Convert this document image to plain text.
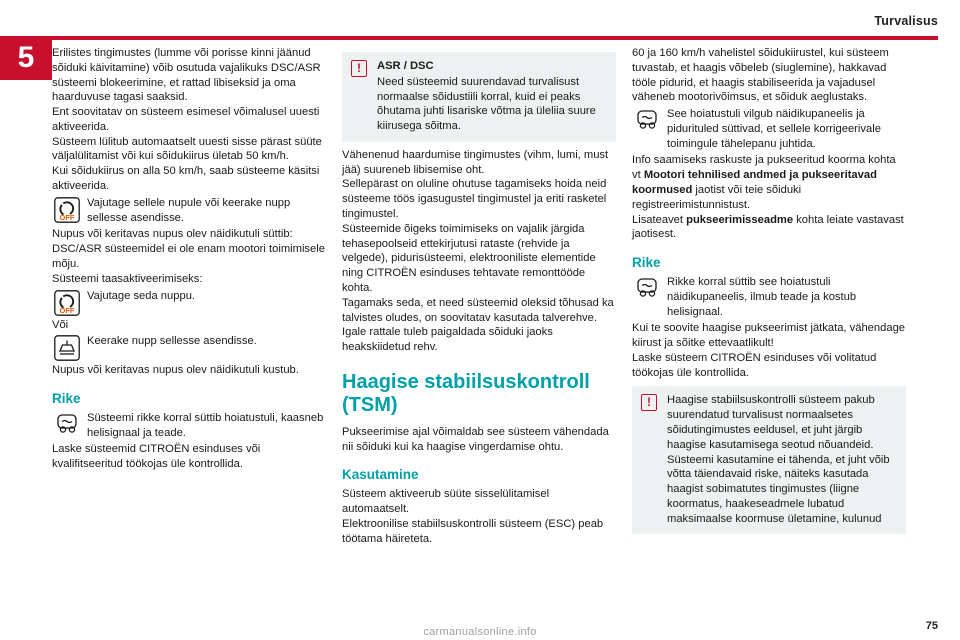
Turvalisus
5	Erilistes tingimustes (lumme või porisse kinni jäänud sõiduki käivitamine) võib osutuda vajalikuks DSC/ASR süsteemi blokeerimine, et rattad libiseksid ja oma haarduvuse tagasi saaksid.

Ent soovitatav on süsteem esimesel võimalusel uuesti aktiveerida.

Süsteem lülitub automaatselt uuesti sisse pärast süüte väljalülitamist või kui sõidukiirus ületab 50 km/h.

Kui sõidukiirus on alla 50 km/h, saab süsteeme käsitsi aktiveerida.

OFF
Vajutage sellele nupule või keerake nupp sellesse asendisse.

Nupus või keritavas nupus olev näidikutuli süttib: DSC/ASR süsteemidel ei ole enam mootori toimimisele mõju.

Süsteemi taasaktiveerimiseks:

OFF
Vajutage seda nuppu.

Või

Keerake nupp sellesse asendisse.

Nupus või keritavas nupus olev näidikutuli kustub.

Rike
Süsteemi rikke korral süttib hoiatustuli, kaasneb helisignaal ja teade.

Laske süsteemid CITROËN esinduses või kvalifitseeritud töökojas üle kontrollida.

!	ASR / DSC
Need süsteemid suurendavad turvalisust normaalse sõidustiili korral, kuid ei peaks õhutama juhti lisariske võtma ja üleliia suure kiirusega sõitma.

Vähenenud haardumise tingimustes (vihm, lumi, must jää) suureneb libisemise oht.

Sellepärast on oluline ohutuse tagamiseks hoida neid süsteeme töös igasugustel tingimustel ja eriti rasketel tingimustel.

Süsteemide õigeks toimimiseks on vajalik järgida tehasepoolseid ettekirjutusi rataste (rehvide ja velgede), pidurisüsteemi, elektrooniliste elementide ning CITROËN esinduses tehtavate remonttööde kohta.

Tagamaks seda, et need süsteemid oleksid tõhusad ka talvistes oludes, on soovitatav kasutada talverehve. Igale rattale tuleb paigaldada sõiduki jaoks heakskiidetud rehv.

Haagise stabiilsuskontroll (TSM)

Pukseerimise ajal võimaldab see süsteem vähendada nii sõiduki kui ka haagise vingerdamise ohtu.

Kasutamine

Süsteem aktiveerub süüte sisselülitamisel automaatselt.

Elektroonilise stabiilsuskontrolli süsteem (ESC) peab töötama häireteta.

60 ja 160 km/h vahelistel sõidukiirustel, kui süsteem tuvastab, et haagis võbeleb (siuglemine), hakkavad tööle pidurid, et haagis stabiliseerida ja vajadusel väheneb mootorivõimsus, et sõiduk aeglustaks.

See hoiatustuli vilgub näidikupaneelis ja pidurituled süttivad, et sellele korrigeerivale toimingule tähelepanu juhtida.

Info saamiseks raskuste ja pukseeritud koorma kohta vt Mootori tehnilised andmed ja pukseeritavad koormused jaotist või teie sõiduki registreerimistunnistust.

Lisateavet pukseerimisseadme kohta leiate vastavast jaotisest.

Rike
Rikke korral süttib see hoiatustuli näidikupaneelis, ilmub teade ja kostub helisignaal.

Kui te soovite haagise pukseerimist jätkata, vähendage kiirust ja sõitke ettevaatlikult!

Laske süsteem CITROËN esinduses või volitatud töökojas üle kontrollida.

!	Haagise stabiilsuskontrolli süsteem pakub suurendatud turvalisust normaalsetes sõidutingimustes eeldusel, et juht järgib haagise kasutamisega seotud nõuandeid. Süsteemi kasutamine ei tähenda, et juht võib võtta täiendavaid riske, näiteks kasutada haagist sobimatutes tingimustes (liigne koormatus, haakeseadmele lubatud maksimaalse koormuse ületamine, kulunud
75
carmanualsonline.info
